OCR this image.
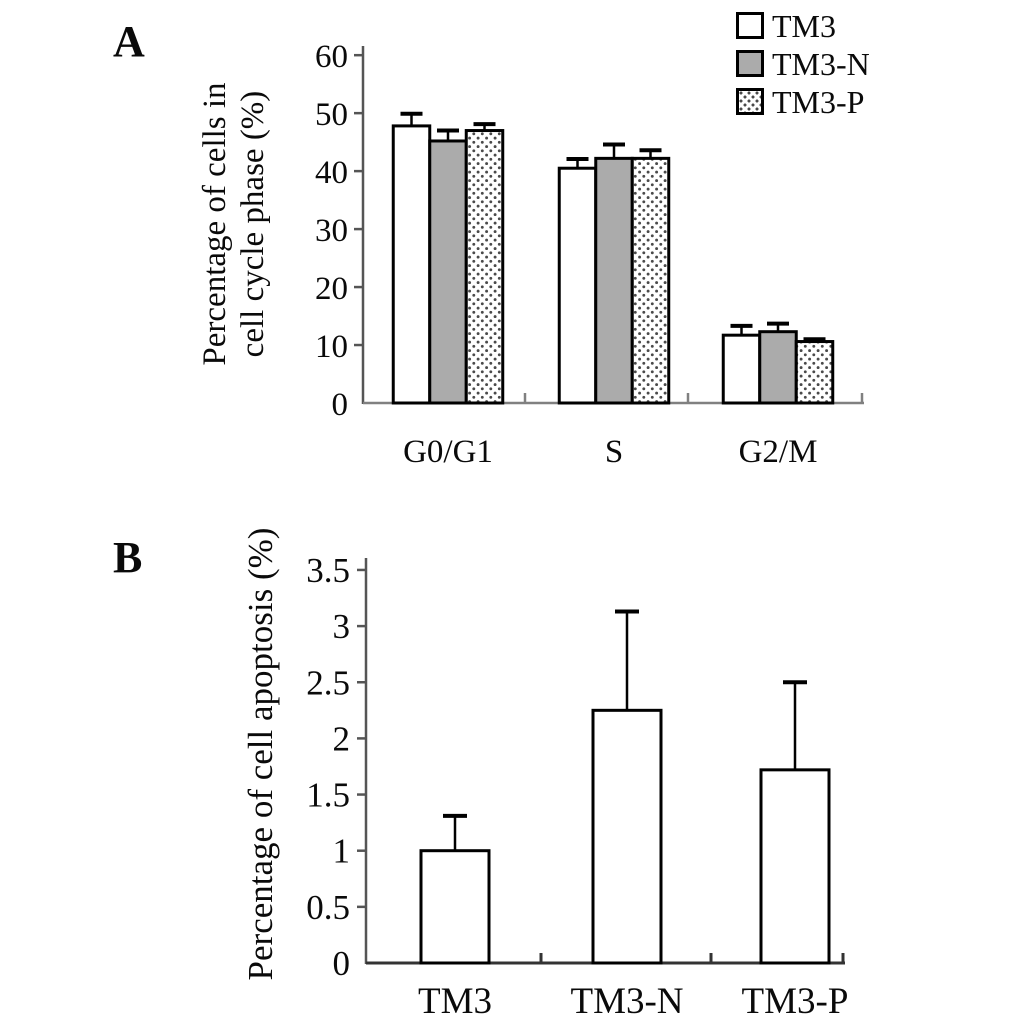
0
10
20
30
40
50
60
Percentage of cells in cell cycle phase (%)
G0/G1	S	G2/M
0
0.5
1
1.5
2
2.5
3
3.5
Percentage of cell apoptosis (%)
TM3 TM3-N TM3-P
A
B
TM3
TM3-N
TM3-P
